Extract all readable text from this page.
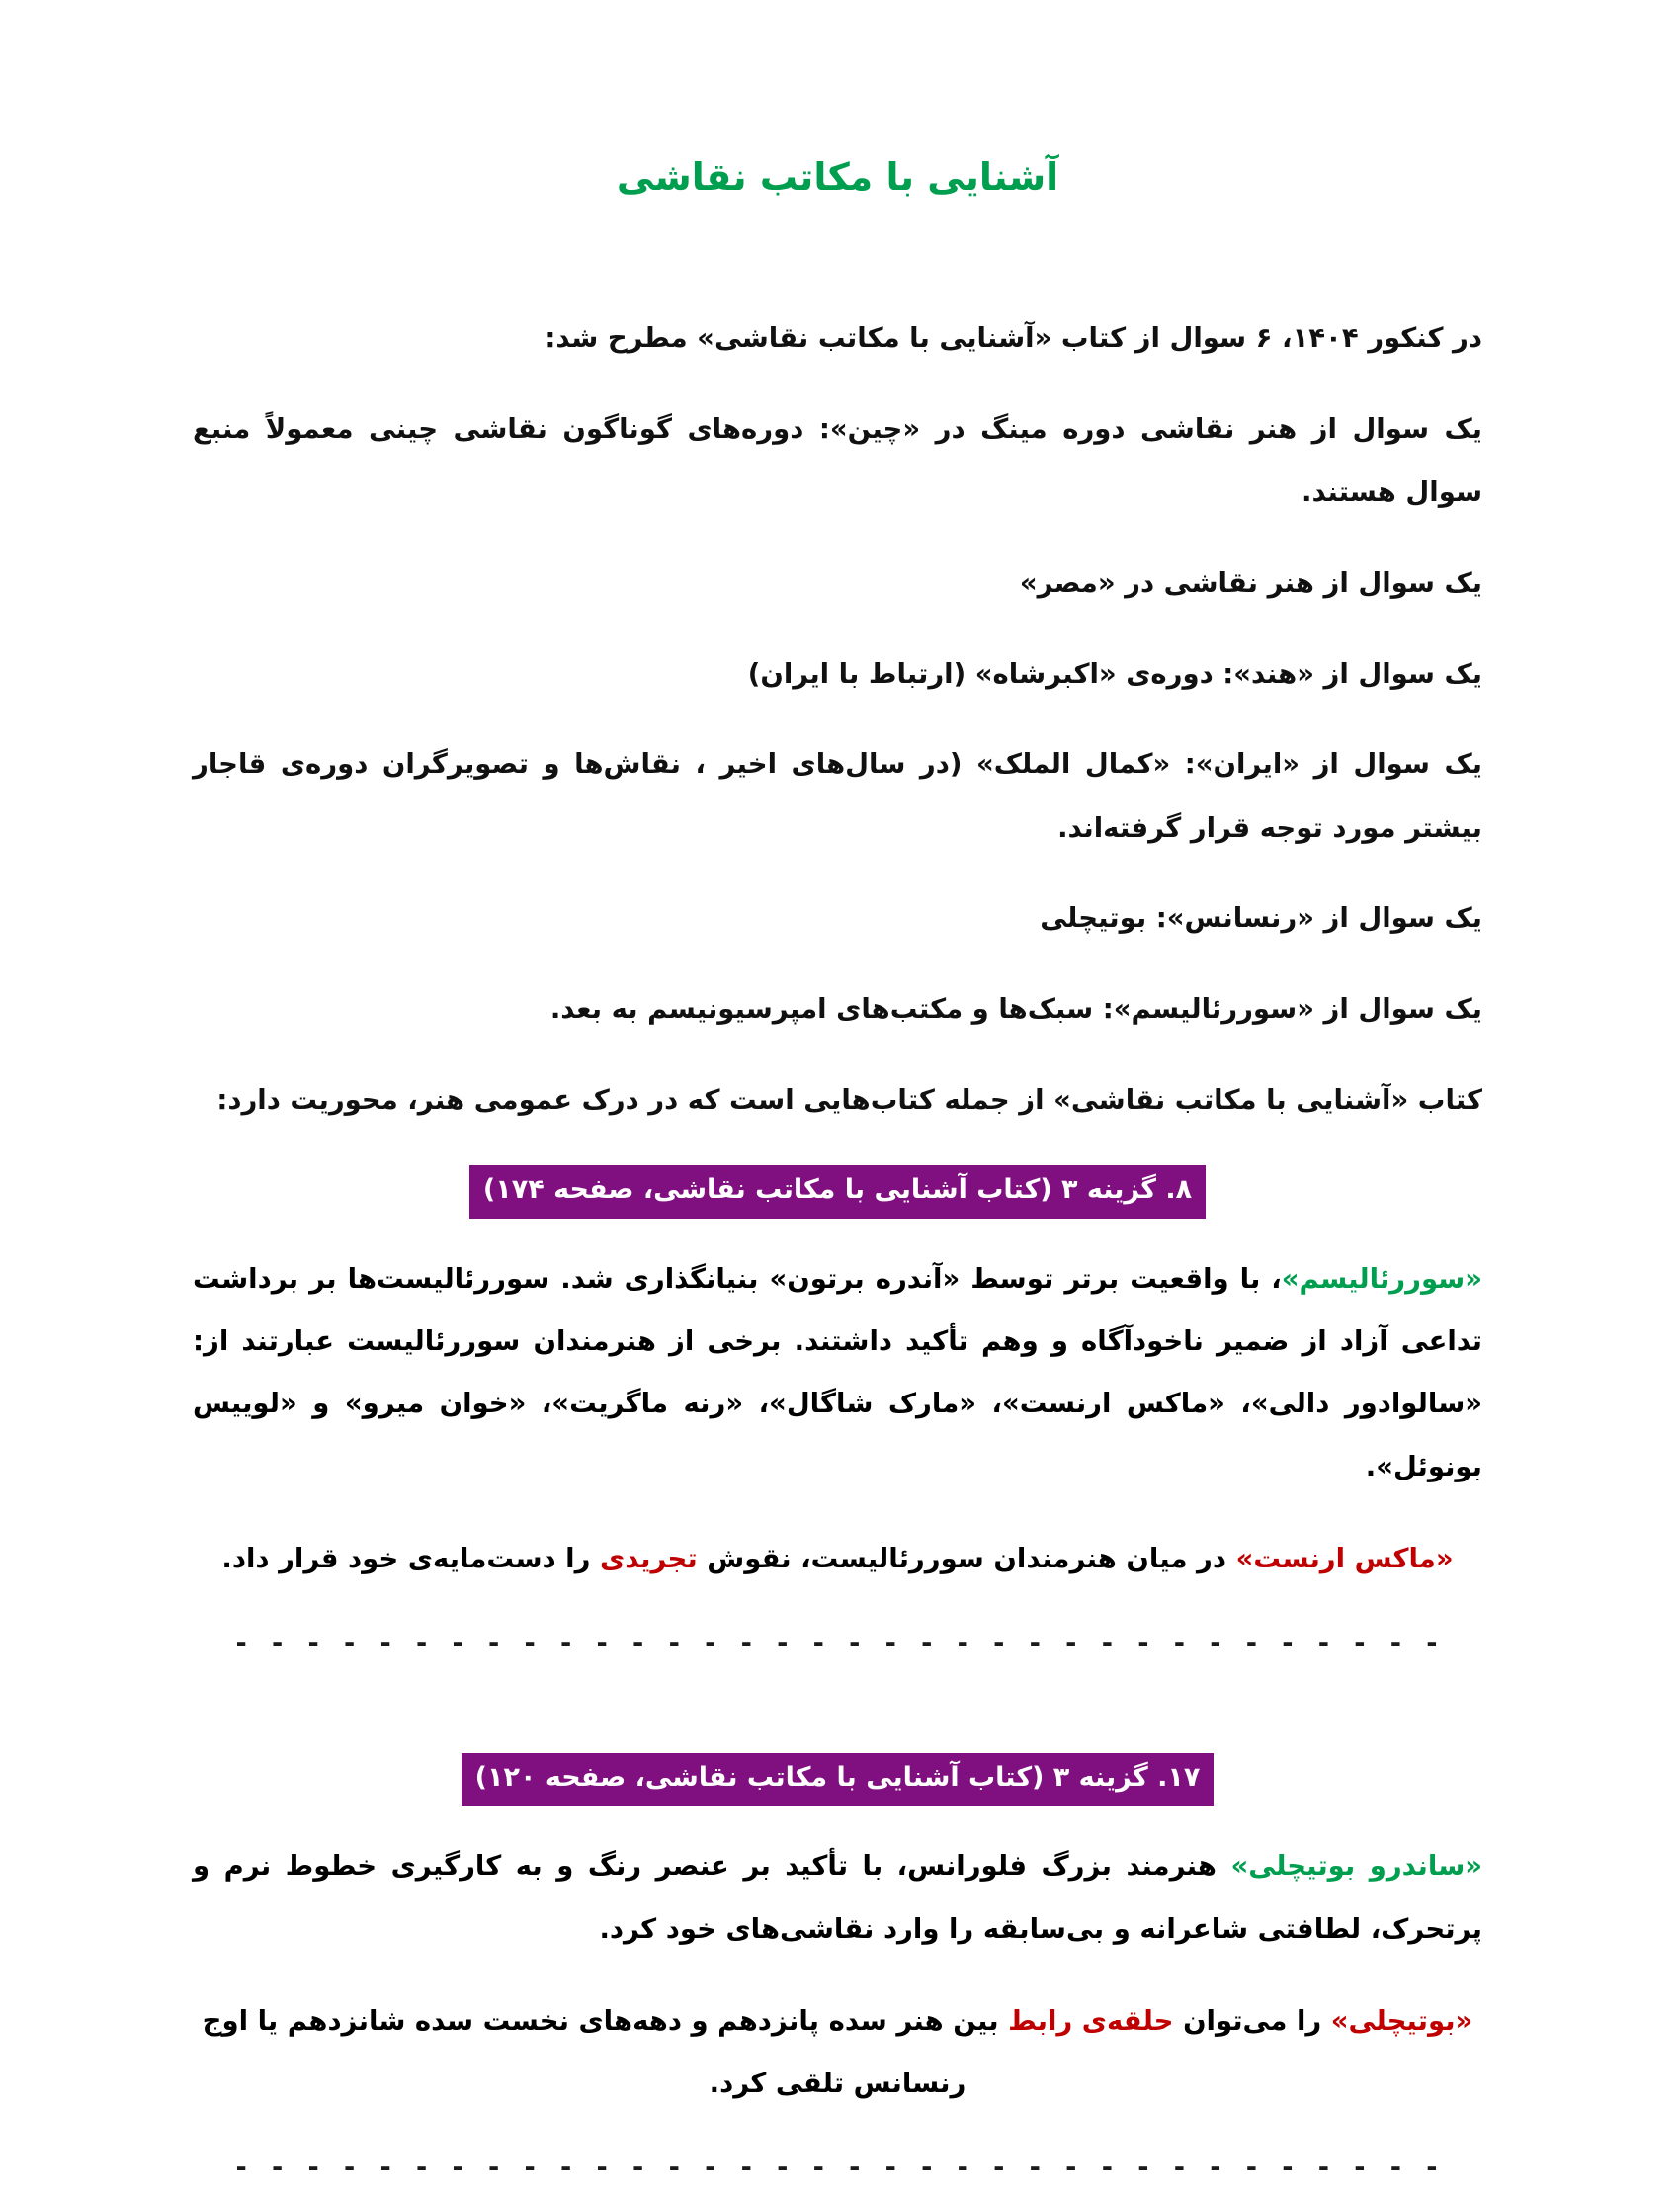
آشنایی با مکاتب نقاشی

در کنکور ۱۴۰۴، ۶ سوال از کتاب «آشنایی با مکاتب نقاشی» مطرح شد:

یک سوال از هنر نقاشی دوره مینگ در «چین»: دوره‌های گوناگون نقاشی چینی معمولاً منبع سوال هستند.

یک سوال از هنر نقاشی در «مصر»

یک سوال از «هند»: دوره‌ی «اکبرشاه» (ارتباط با ایران)

یک سوال از «ایران»: «کمال الملک» (در سال‌های اخیر ، نقاش‌ها و تصویرگران دوره‌ی قاجار بیشتر مورد توجه قرار گرفته‌اند.

یک سوال از «رنسانس»: بوتیچلی

یک سوال از «سوررئالیسم»: سبک‌ها و مکتب‌های امپرسیونیسم به بعد.

کتاب «آشنایی با مکاتب نقاشی» از جمله کتاب‌هایی است که در درک عمومی هنر، محوریت دارد:

۸. گزینه ۳ (کتاب آشنایی با مکاتب نقاشی، صفحه ۱۷۴)

«سوررئالیسم»، با واقعیت برتر توسط «آندره برتون» بنیانگذاری شد. سوررئالیست‌ها بر برداشت تداعی آزاد از ضمیر ناخودآگاه و وهم تأکید داشتند. برخی از هنرمندان سوررئالیست عبارتند از: «سالوادور دالی»، «ماکس ارنست»، «مارک شاگال»، «رنه ماگریت»، «خوان میرو» و «لوییس بونوئل».

«ماکس ارنست» در میان هنرمندان سوررئالیست، نقوش تجریدی را دست‌مایه‌ی خود قرار داد.

- - - - - - - - - - - - - - - - - - - - - - - - - - - - - - - - - -
۱۷. گزینه ۳ (کتاب آشنایی با مکاتب نقاشی، صفحه ۱۲۰)

«ساندرو بوتیچلی» هنرمند بزرگ فلورانس، با تأکید بر عنصر رنگ و به کارگیری خطوط نرم و پرتحرک، لطافتی شاعرانه و بی‌سابقه را وارد نقاشی‌های خود کرد.

«بوتیچلی» را می‌توان حلقه‌ی رابط بین هنر سده پانزدهم و دهه‌های نخست سده شانزدهم یا اوج رنسانس تلقی کرد.

- - - - - - - - - - - - - - - - - - - - - - - - - - - - - - - - - -
